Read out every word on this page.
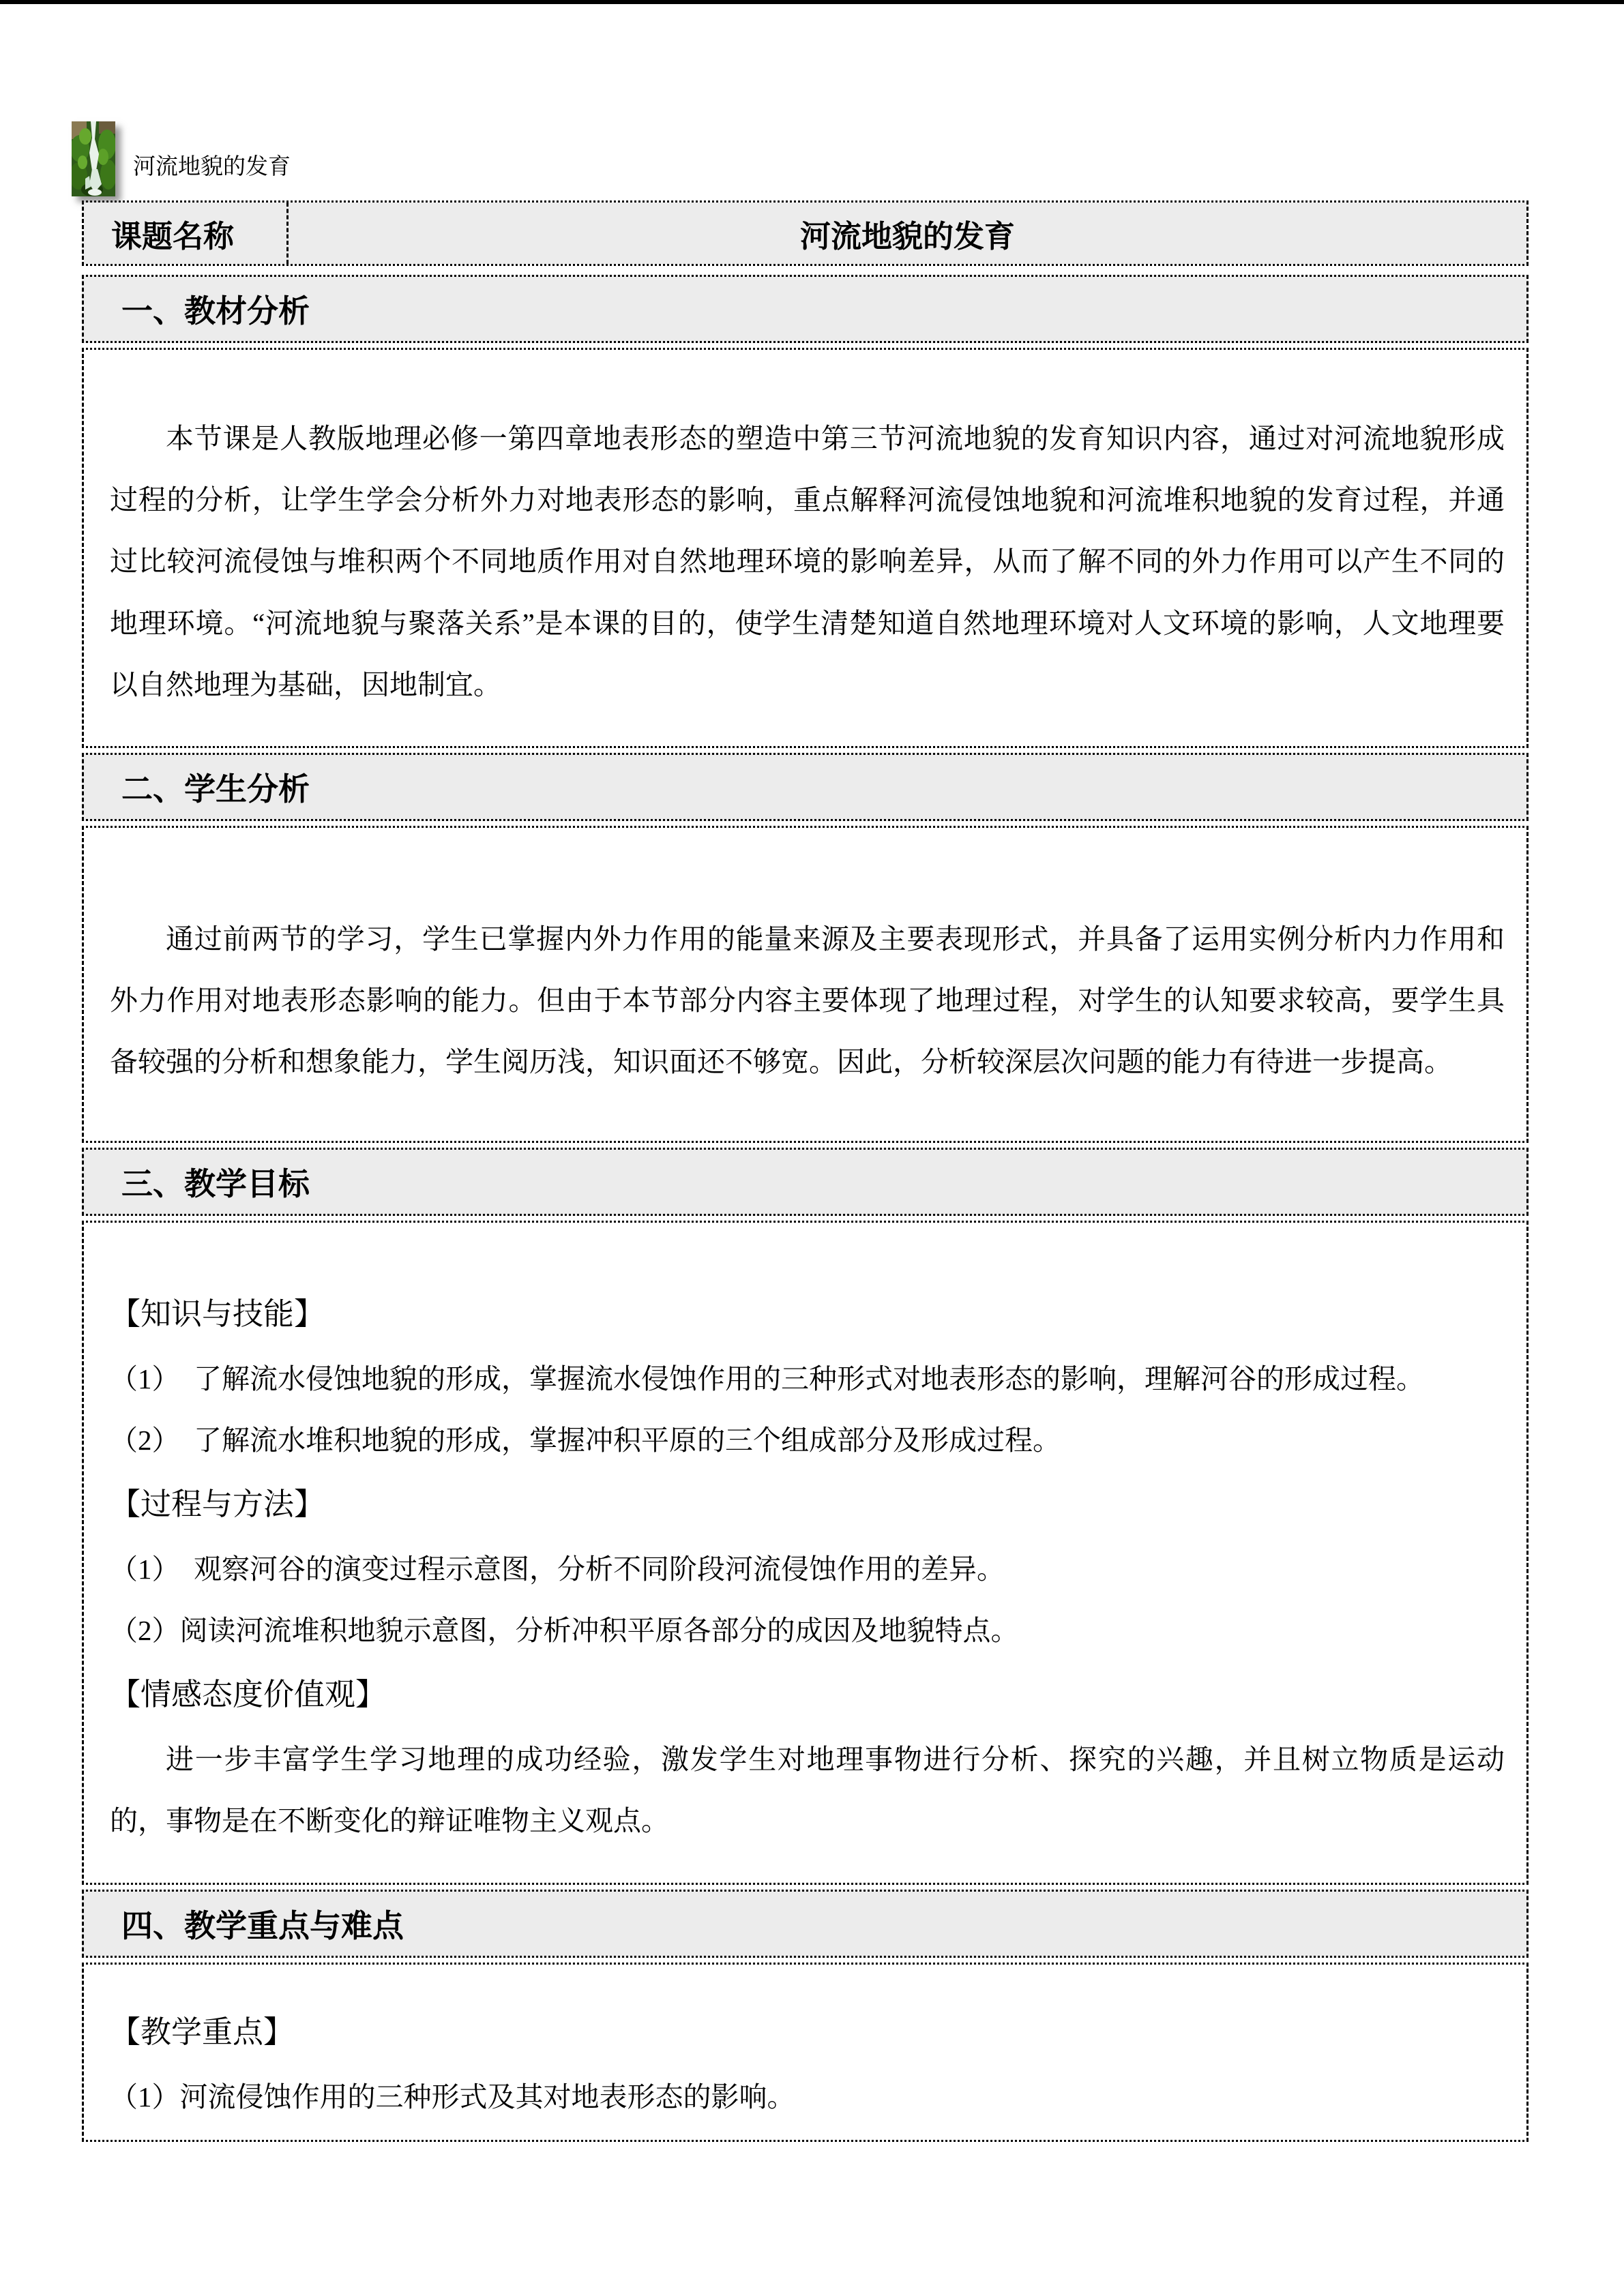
河流地貌的发育
课题名称	河流地貌的发育
一、教材分析

本节课是人教版地理必修一第四章地表形态的塑造中第三节河流地貌的发育知识内容，通过对河流地貌形成过程的分析，让学生学会分析外力对地表形态的影响，重点解释河流侵蚀地貌和河流堆积地貌的发育过程，并通过比较河流侵蚀与堆积两个不同地质作用对自然地理环境的影响差异，从而了解不同的外力作用可以产生不同的地理环境。“河流地貌与聚落关系”是本课的目的，使学生清楚知道自然地理环境对人文环境的影响，人文地理要以自然地理为基础，因地制宜。

二、学生分析

通过前两节的学习，学生已掌握内外力作用的能量来源及主要表现形式，并具备了运用实例分析内力作用和外力作用对地表形态影响的能力。但由于本节部分内容主要体现了地理过程，对学生的认知要求较高，要学生具备较强的分析和想象能力，学生阅历浅，知识面还不够宽。因此，分析较深层次问题的能力有待进一步提高。

三、教学目标

【知识与技能】

（1）　了解流水侵蚀地貌的形成，掌握流水侵蚀作用的三种形式对地表形态的影响，理解河谷的形成过程。

（2）　了解流水堆积地貌的形成，掌握冲积平原的三个组成部分及形成过程。

【过程与方法】

（1）　观察河谷的演变过程示意图，分析不同阶段河流侵蚀作用的差异。

（2）阅读河流堆积地貌示意图，分析冲积平原各部分的成因及地貌特点。

【情感态度价值观】

进一步丰富学生学习地理的成功经验，激发学生对地理事物进行分析、探究的兴趣，并且树立物质是运动的，事物是在不断变化的辩证唯物主义观点。

四、教学重点与难点

【教学重点】

（1）河流侵蚀作用的三种形式及其对地表形态的影响。
